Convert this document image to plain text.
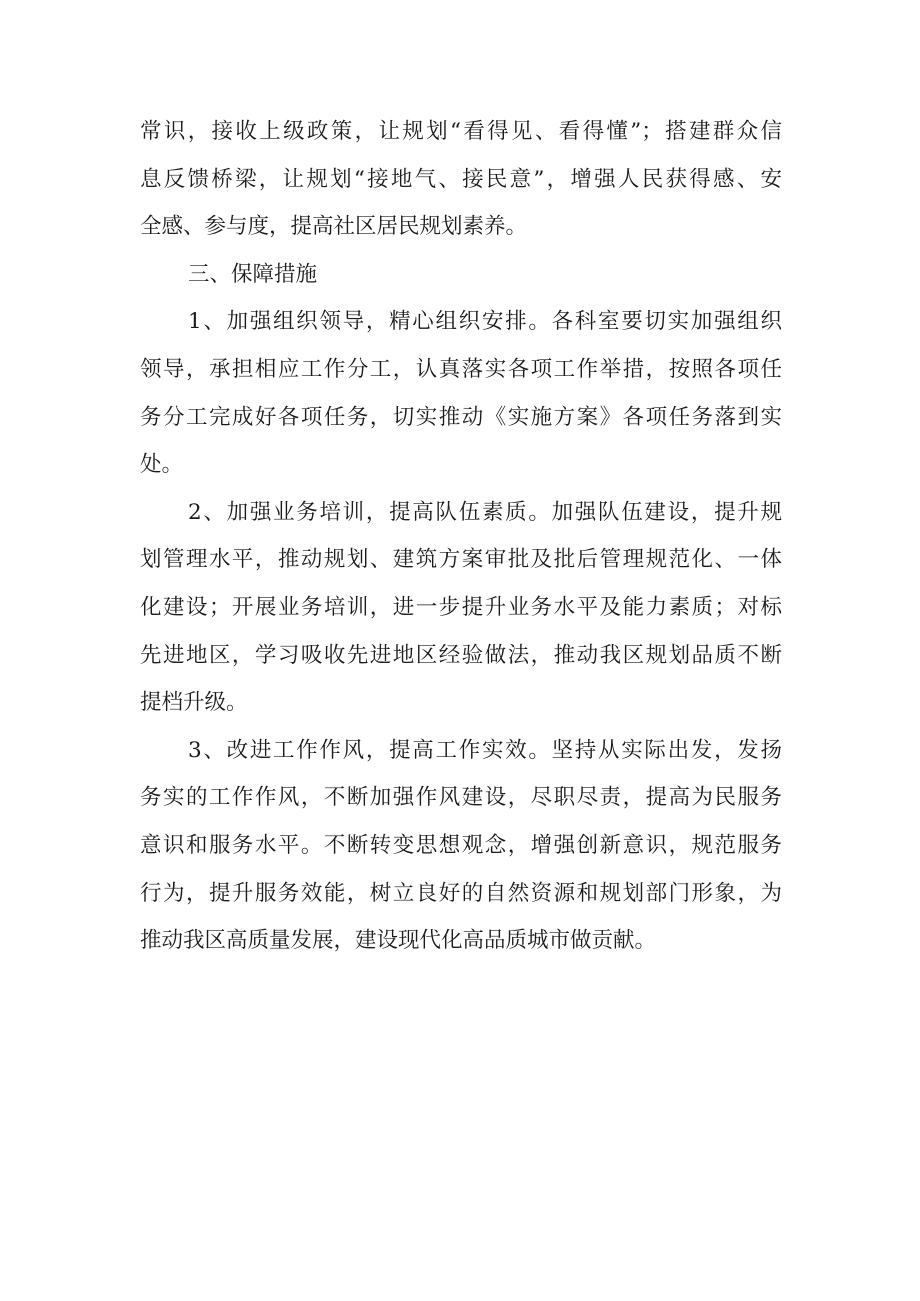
常识，接收上级政策，让规划“看得见、看得懂”；搭建群众信
息反馈桥梁，让规划“接地气、接民意”，增强人民获得感、安
全感、参与度，提高社区居民规划素养。
三、保障措施
1、加强组织领导，精心组织安排。各科室要切实加强组织
领导，承担相应工作分工，认真落实各项工作举措，按照各项任
务分工完成好各项任务，切实推动《实施方案》各项任务落到实
处。
2、加强业务培训，提高队伍素质。加强队伍建设，提升规
划管理水平，推动规划、建筑方案审批及批后管理规范化、一体
化建设；开展业务培训，进一步提升业务水平及能力素质；对标
先进地区，学习吸收先进地区经验做法，推动我区规划品质不断
提档升级。
3、改进工作作风，提高工作实效。坚持从实际出发，发扬
务实的工作作风，不断加强作风建设，尽职尽责，提高为民服务
意识和服务水平。不断转变思想观念，增强创新意识，规范服务
行为，提升服务效能，树立良好的自然资源和规划部门形象，为
推动我区高质量发展，建设现代化高品质城市做贡献。
